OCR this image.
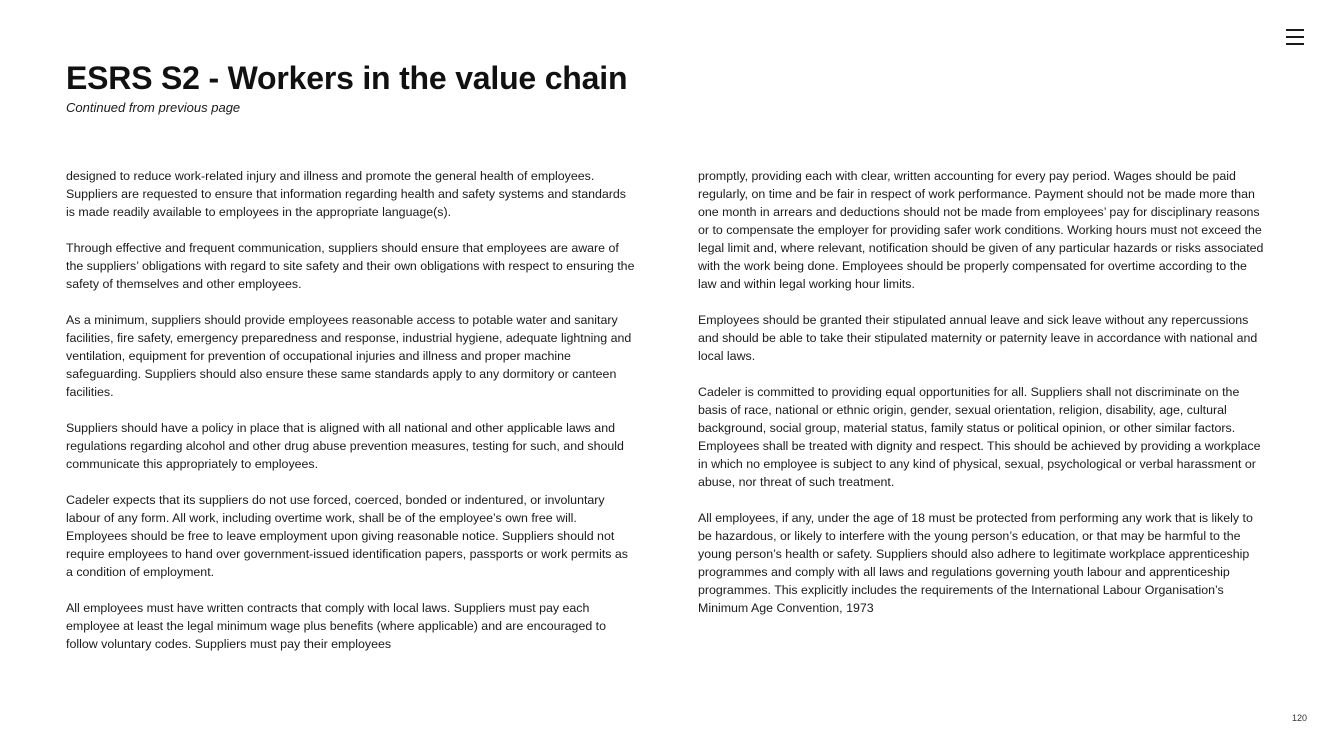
ESRS S2 - Workers in the value chain

Continued from previous page

designed to reduce work-related injury and illness and promote the general health of employees. Suppliers are requested to ensure that information regarding health and safety systems and standards is made readily available to employees in the appropriate language(s).

Through effective and frequent communication, suppliers should ensure that employees are aware of the suppliers’ obligations with regard to site safety and their own obligations with respect to ensuring the safety of themselves and other employees.

As a minimum, suppliers should provide employees reasonable access to potable water and sanitary facilities, fire safety, emergency preparedness and response, industrial hygiene, adequate lightning and ventilation, equipment for prevention of occupational injuries and illness and proper machine safeguarding. Suppliers should also ensure these same standards apply to any dormitory or canteen facilities.

Suppliers should have a policy in place that is aligned with all national and other applicable laws and regulations regarding alcohol and other drug abuse prevention measures, testing for such, and should communicate this appropriately to employees.

Cadeler expects that its suppliers do not use forced, coerced, bonded or indentured, or involuntary labour of any form. All work, including overtime work, shall be of the employee’s own free will. Employees should be free to leave employment upon giving reasonable notice. Suppliers should not require employees to hand over government-issued identification papers, passports or work permits as a condition of employment.

All employees must have written contracts that comply with local laws. Suppliers must pay each employee at least the legal minimum wage plus benefits (where applicable) and are encouraged to follow voluntary codes. Suppliers must pay their employees

promptly, providing each with clear, written accounting for every pay period. Wages should be paid regularly, on time and be fair in respect of work performance. Payment should not be made more than one month in arrears and deductions should not be made from employees’ pay for disciplinary reasons or to compensate the employer for providing safer work conditions. Working hours must not exceed the legal limit and, where relevant, notification should be given of any particular hazards or risks associated with the work being done. Employees should be properly compensated for overtime according to the law and within legal working hour limits.

Employees should be granted their stipulated annual leave and sick leave without any repercussions and should be able to take their stipulated maternity or paternity leave in accordance with national and local laws.

Cadeler is committed to providing equal opportunities for all. Suppliers shall not discriminate on the basis of race, national or ethnic origin, gender, sexual orientation, religion, disability, age, cultural background, social group, material status, family status or political opinion, or other similar factors. Employees shall be treated with dignity and respect. This should be achieved by providing a workplace in which no employee is subject to any kind of physical, sexual, psychological or verbal harassment or abuse, nor threat of such treatment.

All employees, if any, under the age of 18 must be protected from performing any work that is likely to be hazardous, or likely to interfere with the young person’s education, or that may be harmful to the young person’s health or safety. Suppliers should also adhere to legitimate workplace apprenticeship programmes and comply with all laws and regulations governing youth labour and apprenticeship programmes. This explicitly includes the requirements of the International Labour Organisation’s Minimum Age Convention, 1973

120
